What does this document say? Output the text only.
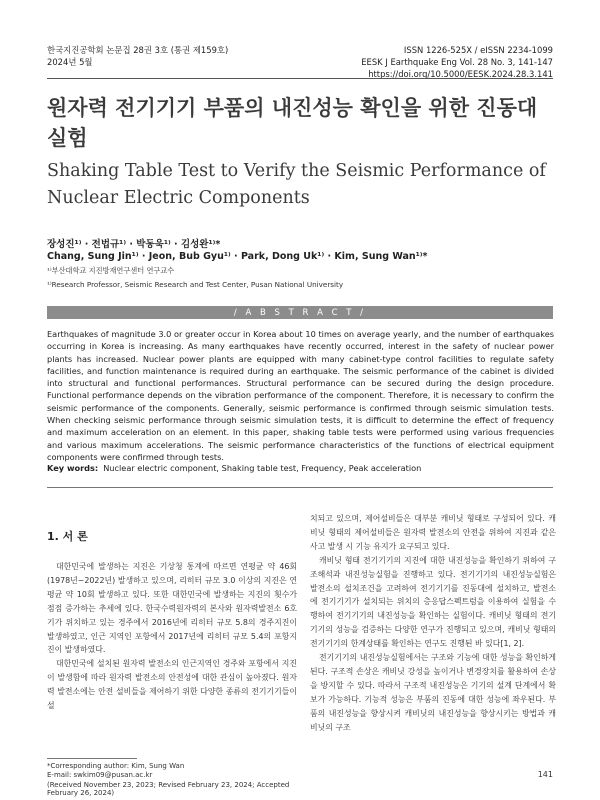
한국지진공학회 논문집 28권 3호 (통권 제159호)
2024년 5월
ISSN 1226-525X / eISSN 2234-1099
EESK J Earthquake Eng Vol. 28 No. 3, 141-147
https://doi.org/10.5000/EESK.2024.28.3.141
원자력 전기기기 부품의 내진성능 확인을 위한 진동대 실험
Shaking Table Test to Verify the Seismic Performance of Nuclear Electric Components
장성진¹⁾ · 전법규¹⁾ · 박동욱¹⁾ · 김성완¹⁾*
Chang, Sung Jin¹⁾ · Jeon, Bub Gyu¹⁾ · Park, Dong Uk¹⁾ · Kim, Sung Wan¹⁾*
¹⁾부산대학교 지진방재연구센터 연구교수
¹⁾Research Professor, Seismic Research and Test Center, Pusan National University
/ A B S T R A C T /
Earthquakes of magnitude 3.0 or greater occur in Korea about 10 times on average yearly, and the number of earthquakes occurring in Korea is increasing. As many earthquakes have recently occurred, interest in the safety of nuclear power plants has increased. Nuclear power plants are equipped with many cabinet-type control facilities to regulate safety facilities, and function maintenance is required during an earthquake. The seismic performance of the cabinet is divided into structural and functional performances. Structural performance can be secured during the design procedure. Functional performance depends on the vibration performance of the component. Therefore, it is necessary to confirm the seismic performance of the components. Generally, seismic performance is confirmed through seismic simulation tests. When checking seismic performance through seismic simulation tests, it is difficult to determine the effect of frequency and maximum acceleration on an element. In this paper, shaking table tests were performed using various frequencies and various maximum accelerations. The seismic performance characteristics of the functions of electrical equipment components were confirmed through tests.
Key words: Nuclear electric component, Shaking table test, Frequency, Peak acceleration
1. 서 론

대한민국에 발생하는 지진은 기상청 통계에 따르면 연평균 약 46회(1978년~2022년) 발생하고 있으며, 리히터 규모 3.0 이상의 지진은 연평균 약 10회 발생하고 있다. 또한 대한민국에 발생하는 지진의 횟수가 점점 증가하는 추세에 있다. 한국수력원자력의 본사와 원자력발전소 6호기가 위치하고 있는 경주에서 2016년에 리히터 규모 5.8의 경주지진이 발생하였고, 인근 지역인 포항에서 2017년에 리히터 규모 5.4의 포항지진이 발생하였다.

대한민국에 설치된 원자력 발전소의 인근지역인 경주와 포항에서 지진이 발생함에 따라 원자력 발전소의 안전성에 대한 관심이 높아졌다. 원자력 발전소에는 안전 설비들을 제어하기 위한 다양한 종류의 전기기기들이 설

치되고 있으며, 제어설비들은 대부분 캐비닛 형태로 구성되어 있다. 캐비닛 형태의 제어설비들은 원자력 발전소의 안전을 위하여 지진과 같은 사고 발생 시 기능 유지가 요구되고 있다.

캐비닛 형태 전기기기의 지진에 대한 내진성능을 확인하기 위하여 구조해석과 내진성능실험을 진행하고 있다. 전기기기의 내진성능실험은 발전소의 설치조건을 고려하여 전기기기를 진동대에 설치하고, 발전소에 전기기기가 설치되는 위치의 층응답스펙트럼을 이용하여 실험을 수행하여 전기기기의 내진성능을 확인하는 실험이다. 캐비닛 형태의 전기기기의 성능을 검증하는 다양한 연구가 진행되고 있으며, 캐비닛 형태의 전기기기의 한계상태를 확인하는 연구도 진행된 바 있다[1, 2].

전기기기의 내진성능실험에서는 구조와 기능에 대한 성능을 확인하게 된다. 구조적 손상은 캐비닛 강성을 높이거나 변경장치를 활용하여 손상을 방지할 수 있다. 따라서 구조적 내진성능은 기기의 설계 단계에서 확보가 가능하다. 기능적 성능은 부품의 진동에 대한 성능에 좌우된다. 부품의 내진성능을 향상시켜 캐비닛의 내진성능을 향상시키는 방법과 캐비닛의 구조

*Corresponding author: Kim, Sung Wan
E-mail: swkim09@pusan.ac.kr
(Received November 23, 2023; Revised February 23, 2024; Accepted February 26, 2024)
141
